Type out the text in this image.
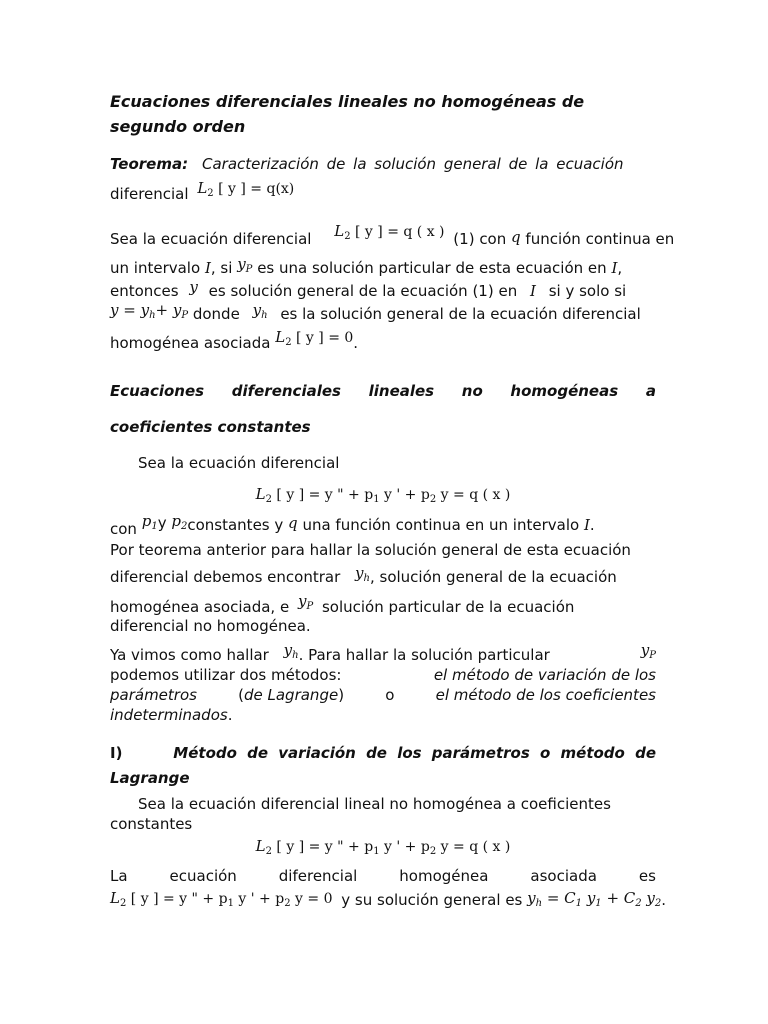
Ecuaciones diferenciales lineales no homogéneas de
segundo orden
Teorema: Caracterización de la solución general de la ecuación
diferencial $L_2$ [ y ] = q(x)
Sea la ecuación diferencial $L_2$ [ y ] = q ( x ) (1) con q función continua en
un intervalo I, si $y_P$ es una solución particular de esta ecuación en I,
entonces y es solución general de la ecuación (1) en I si y solo si
$y = y_h+ y_P$ donde $y_h$ es la solución general de la ecuación diferencial
homogénea asociada $L_2$ [ y ] = 0.
Ecuaciones diferenciales lineales no homogéneas a
coeficientes constantes
Sea la ecuación diferencial
$L_2$ [ y ] = y " + $p_1$ y ' + $p_2$ y = q ( x )
con $p_1y$ $p_2constantes$ y q una función continua en un intervalo I.
Por teorema anterior para hallar la solución general de esta ecuación
diferencial debemos encontrar $y_h$, solución general de la ecuación
homogénea asociada, e $y_P$ solución particular de la ecuación
diferencial no homogénea.
Ya vimos como hallar $y_h$. Para hallar la solución particular	$y_P$
podemos utilizar dos métodos:	el método de variación de los
parámetros	(de Lagrange)	o	el método de los coeficientes
indeterminados.
I)	Método de variación de los parámetros o método de
Lagrange
Sea la ecuación diferencial lineal no homogénea a coeficientes
constantes
$L_2$ [ y ] = y " + $p_1$ y ' + $p_2$ y = q ( x )
La	ecuación	diferencial	homogénea	asociada	es
$L_2$ [ y ] = y " + $p_1$ y ' + $p_2$ y = 0 y su solución general es $y_h = C_1$ $y_1 + C_2$ $y_2$.
